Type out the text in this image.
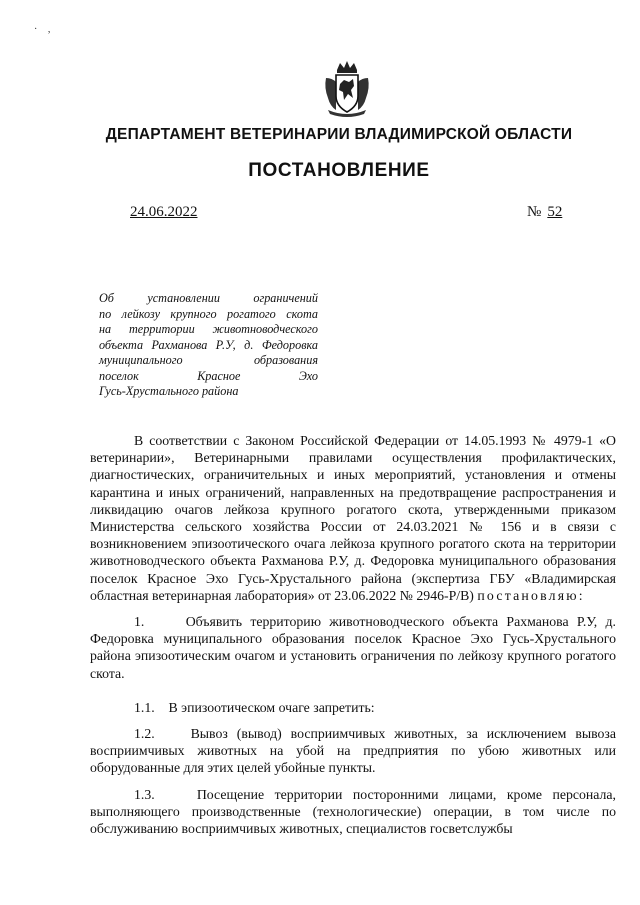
· ,
ДЕПАРТАМЕНТ ВЕТЕРИНАРИИ ВЛАДИМИРСКОЙ ОБЛАСТИ
ПОСТАНОВЛЕНИЕ
24.06.2022	№ 52
Об установлении ограничений
по лейкозу крупного рогатого скота
на территории животноводческого
объекта Рахманова Р.У, д. Федоровка
муниципального образования
поселок Красное Эхо
Гусь-Хрустального района

В соответствии с Законом Российской Федерации от 14.05.1993 № 4979-1 «О ветеринарии», Ветеринарными правилами осуществления профилактических, диагностических, ограничительных и иных мероприятий, установления и отмены карантина и иных ограничений, направленных на предотвращение распространения и ликвидацию очагов лейкоза крупного рогатого скота, утвержденными приказом Министерства сельского хозяйства России от 24.03.2021 № 156 и в связи с возникновением эпизоотического очага лейкоза крупного рогатого скота на территории животноводческого объекта Рахманова Р.У, д. Федоровка муниципального образования поселок Красное Эхо Гусь-Хрустального района (экспертиза ГБУ «Владимирская областная ветеринарная лаборатория» от 23.06.2022 № 2946-Р/В) постановляю:

1.	Объявить территорию животноводческого объекта Рахманова Р.У, д. Федоровка муниципального образования поселок Красное Эхо Гусь-Хрустального района эпизоотическим очагом и установить ограничения по лейкозу крупного рогатого скота.

1.1. В эпизоотическом очаге запретить:

1.2.	Вывоз (вывод) восприимчивых животных, за исключением вывоза восприимчивых животных на убой на предприятия по убою животных или оборудованные для этих целей убойные пункты.

1.3.	Посещение территории посторонними лицами, кроме персонала, выполняющего производственные (технологические) операции, в том числе по обслуживанию восприимчивых животных, специалистов госветслужбы
